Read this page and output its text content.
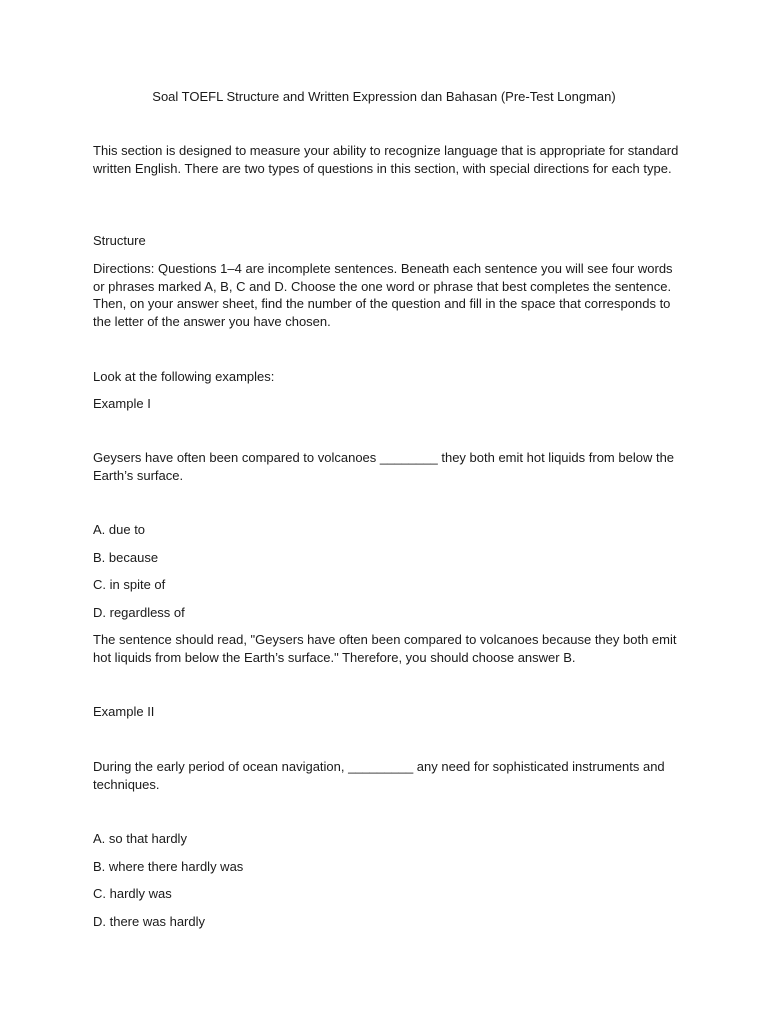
Soal TOEFL Structure and Written Expression dan Bahasan (Pre-Test Longman)

This section is designed to measure your ability to recognize language that is appropriate for standard written English. There are two types of questions in this section, with special directions for each type.

Structure

Directions: Questions 1–4 are incomplete sentences. Beneath each sentence you will see four words or phrases marked A, B, C and D. Choose the one word or phrase that best completes the sentence. Then, on your answer sheet, find the number of the question and fill in the space that corresponds to the letter of the answer you have chosen.

Look at the following examples:

Example I

Geysers have often been compared to volcanoes ________ they both emit hot liquids from below the Earth’s surface.

A. due to

B. because

C. in spite of

D. regardless of

The sentence should read, "Geysers have often been compared to volcanoes because they both emit hot liquids from below the Earth’s surface." Therefore, you should choose answer B.

Example II

During the early period of ocean navigation, _________ any need for sophisticated instruments and techniques.

A. so that hardly

B. where there hardly was

C. hardly was

D. there was hardly
